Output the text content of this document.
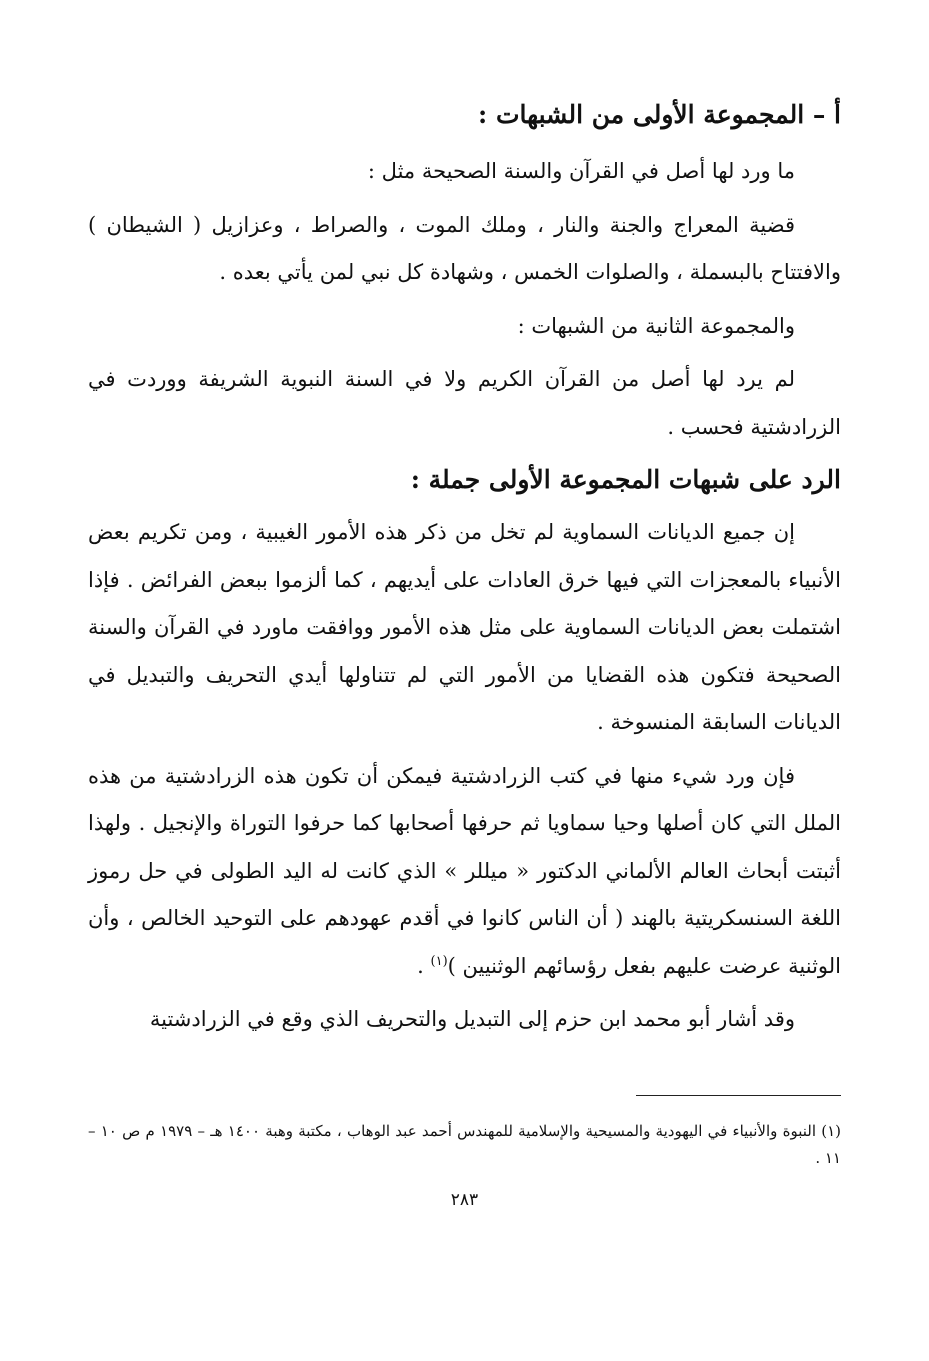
أ – المجموعة الأولى من الشبهات :

ما ورد لها أصل في القرآن والسنة الصحيحة مثل :

قضية المعراج والجنة والنار ، وملك الموت ، والصراط ، وعزازيل ( الشيطان ) والافتتاح بالبسملة ، والصلوات الخمس ، وشهادة كل نبي لمن يأتي بعده .

والمجموعة الثانية من الشبهات :

لم يرد لها أصل من القرآن الكريم ولا في السنة النبوية الشريفة ووردت في الزرادشتية فحسب .

الرد على شبهات المجموعة الأولى جملة :

إن جميع الديانات السماوية لم تخل من ذكر هذه الأمور الغيبية ، ومن تكريم بعض الأنبياء بالمعجزات التي فيها خرق العادات على أيديهم ، كما ألزموا ببعض الفرائض . فإذا اشتملت بعض الديانات السماوية على مثل هذه الأمور ووافقت ماورد في القرآن والسنة الصحيحة فتكون هذه القضايا من الأمور التي لم تتناولها أيدي التحريف والتبديل في الديانات السابقة المنسوخة .

فإن ورد شيء منها في كتب الزرادشتية فيمكن أن تكون هذه الزرادشتية من هذه الملل التي كان أصلها وحيا سماويا ثم حرفها أصحابها كما حرفوا التوراة والإنجيل . ولهذا أثبتت أبحاث العالم الألماني الدكتور « ميللر » الذي كانت له اليد الطولى في حل رموز اللغة السنسكريتية بالهند ( أن الناس كانوا في أقدم عهودهم على التوحيد الخالص ، وأن الوثنية عرضت عليهم بفعل رؤسائهم الوثنيين )$^{(١)}$ .

وقد أشار أبو محمد ابن حزم إلى التبديل والتحريف الذي وقع في الزرادشتية

(١) النبوة والأنبياء في اليهودية والمسيحية والإسلامية للمهندس أحمد عبد الوهاب ، مكتبة وهبة ١٤٠٠ هـ – ١٩٧٩ م ص ١٠ – ١١ .
٢٨٣
